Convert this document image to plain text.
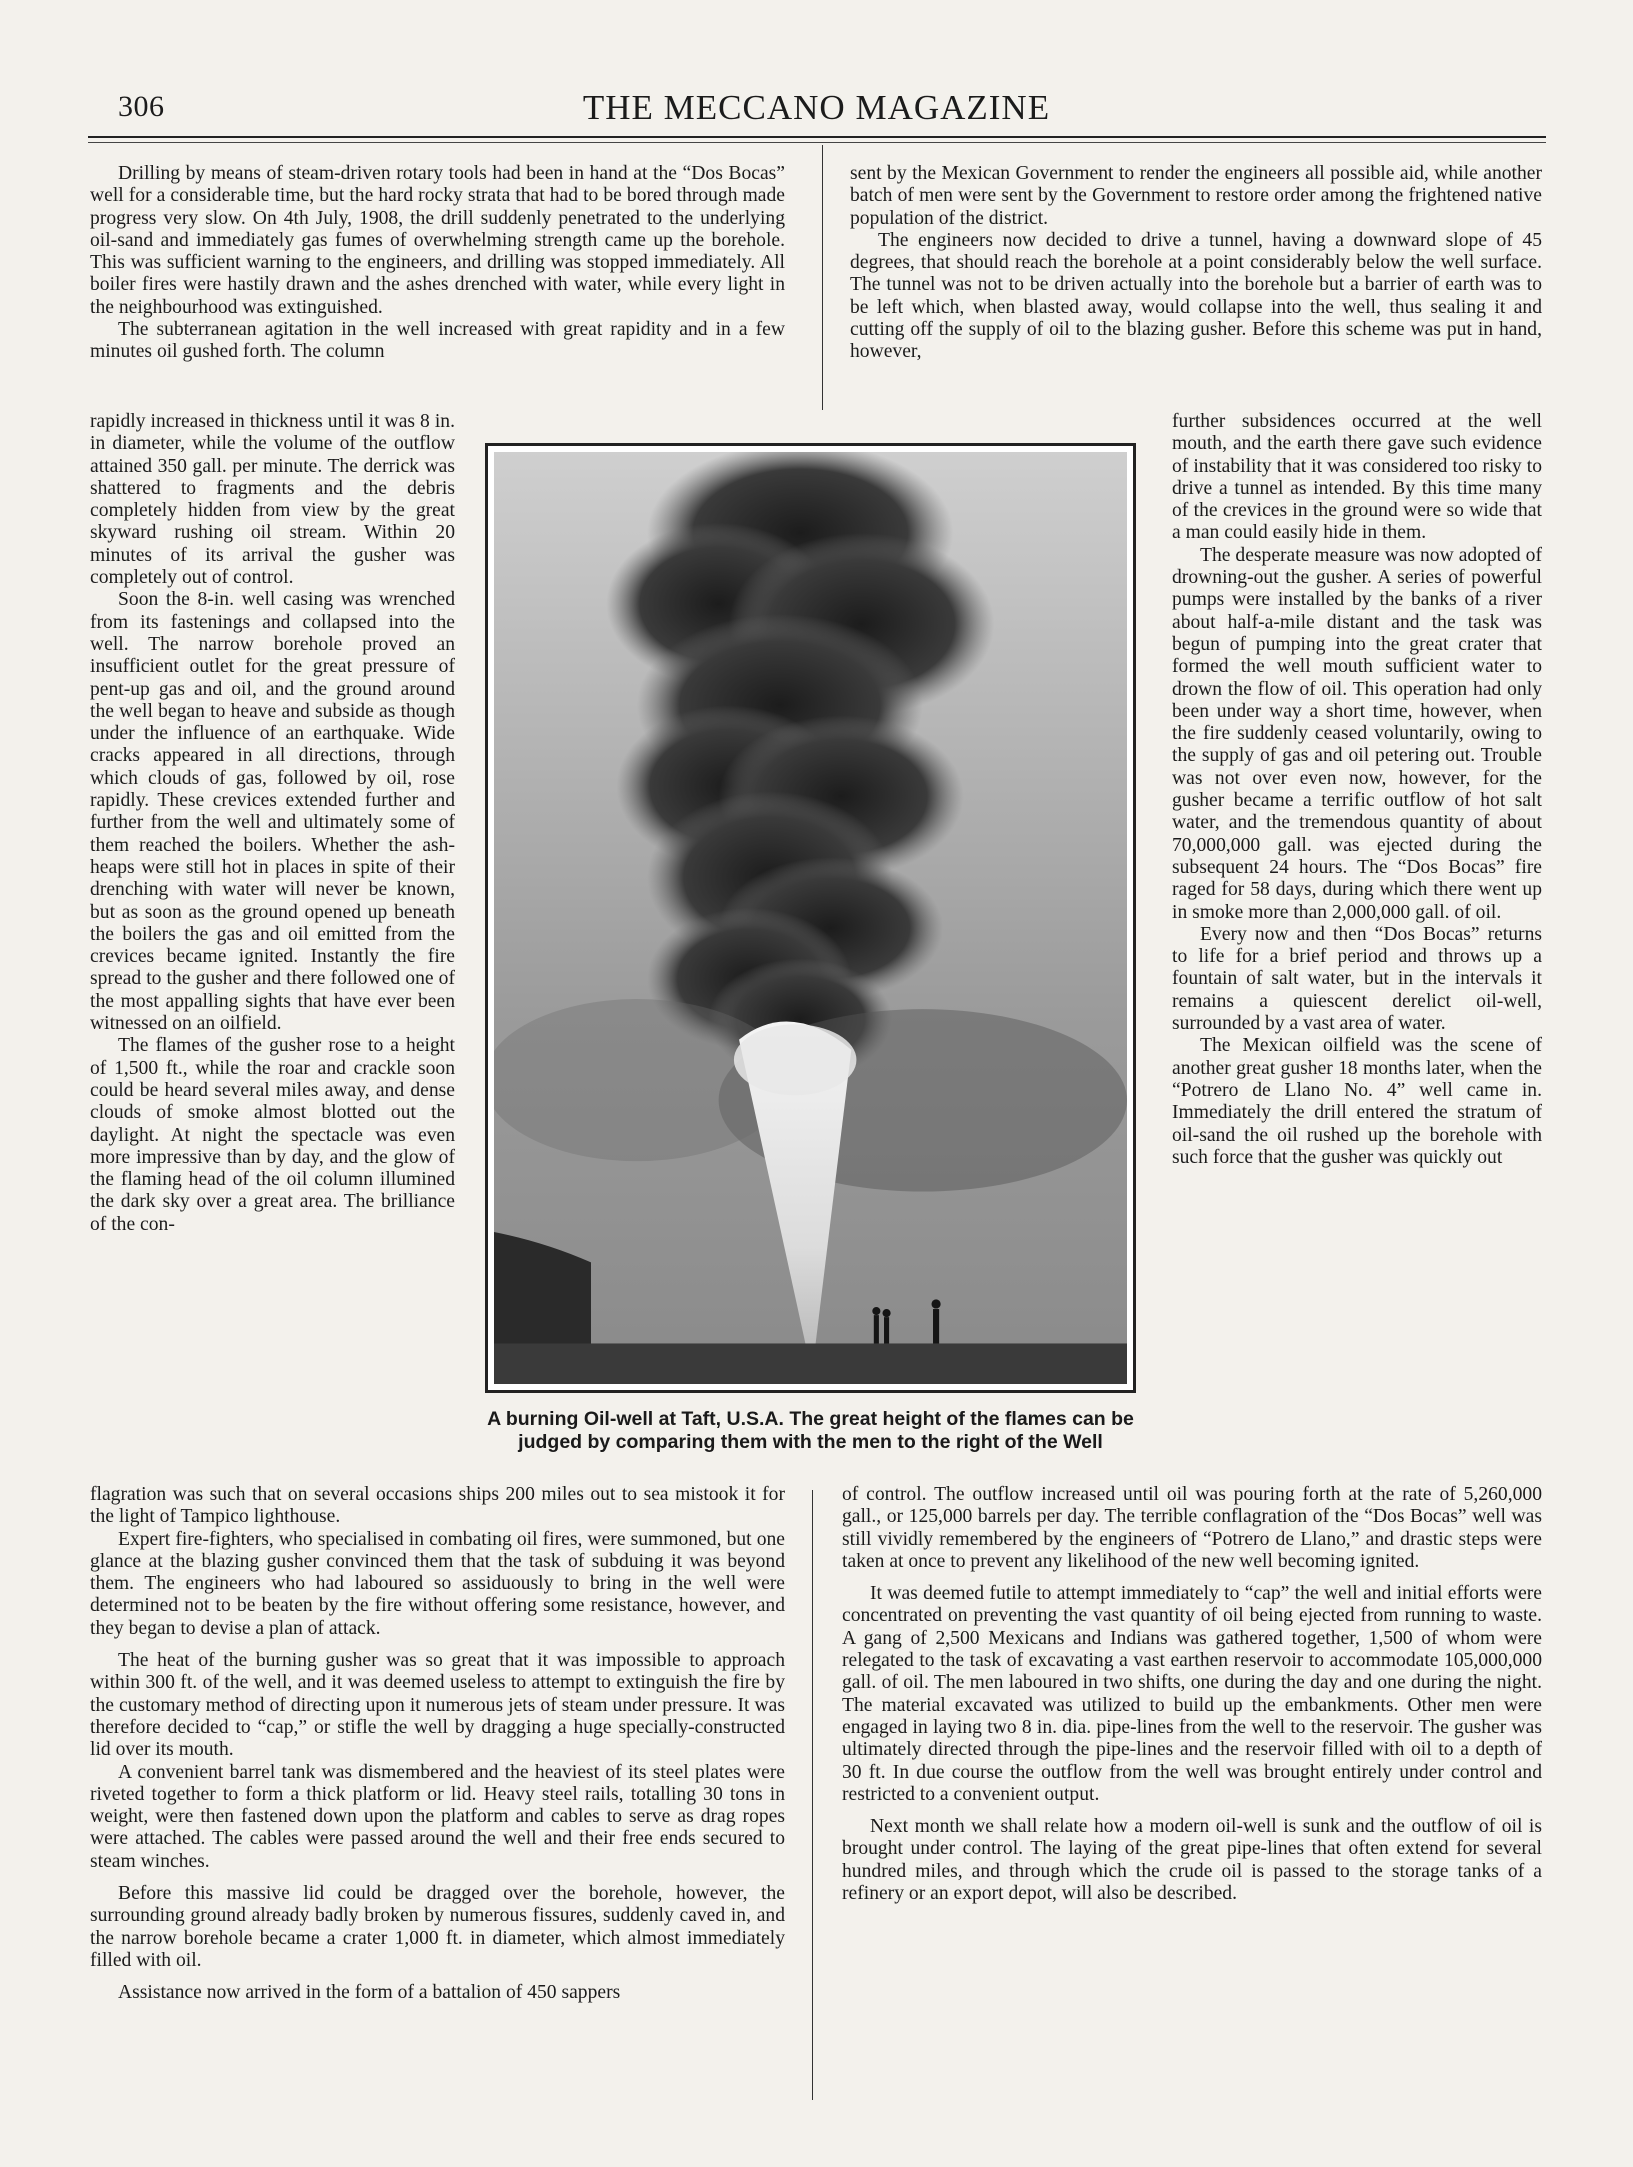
306	THE MECCANO MAGAZINE

Drilling by means of steam-driven rotary tools had been in hand at the “Dos Bocas” well for a considerable time, but the hard rocky strata that had to be bored through made progress very slow. On 4th July, 1908, the drill suddenly penetrated to the underlying oil-sand and immediately gas fumes of overwhelming strength came up the borehole. This was sufficient warning to the engineers, and drilling was stopped immediately. All boiler fires were hastily drawn and the ashes drenched with water, while every light in the neighbourhood was extinguished.

The subterranean agitation in the well increased with great rapidity and in a few minutes oil gushed forth. The column

rapidly increased in thickness until it was 8 in. in diameter, while the volume of the outflow attained 350 gall. per minute. The derrick was shattered to fragments and the debris completely hidden from view by the great skyward rushing oil stream. Within 20 minutes of its arrival the gusher was completely out of control.

Soon the 8-in. well casing was wrenched from its fastenings and collapsed into the well. The narrow borehole proved an insufficient outlet for the great pressure of pent-up gas and oil, and the ground around the well began to heave and subside as though under the influence of an earthquake. Wide cracks appeared in all directions, through which clouds of gas, followed by oil, rose rapidly. These crevices extended further and further from the well and ultimately some of them reached the boilers. Whether the ash-heaps were still hot in places in spite of their drenching with water will never be known, but as soon as the ground opened up beneath the boilers the gas and oil emitted from the crevices became ignited. Instantly the fire spread to the gusher and there followed one of the most appalling sights that have ever been witnessed on an oilfield.

The flames of the gusher rose to a height of 1,500 ft., while the roar and crackle soon could be heard several miles away, and dense clouds of smoke almost blotted out the daylight. At night the spectacle was even more impressive than by day, and the glow of the flaming head of the oil column illumined the dark sky over a great area. The brilliance of the con-

flagration was such that on several occasions ships 200 miles out to sea mistook it for the light of Tampico lighthouse.

Expert fire-fighters, who specialised in combating oil fires, were summoned, but one glance at the blazing gusher convinced them that the task of subduing it was beyond them. The engineers who had laboured so assiduously to bring in the well were determined not to be beaten by the fire without offering some resistance, however, and they began to devise a plan of attack.

The heat of the burning gusher was so great that it was impossible to approach within 300 ft. of the well, and it was deemed useless to attempt to extinguish the fire by the customary method of directing upon it numerous jets of steam under pressure. It was therefore decided to “cap,” or stifle the well by dragging a huge specially-constructed lid over its mouth.

A convenient barrel tank was dismembered and the heaviest of its steel plates were riveted together to form a thick platform or lid. Heavy steel rails, totalling 30 tons in weight, were then fastened down upon the platform and cables to serve as drag ropes were attached. The cables were passed around the well and their free ends secured to steam winches.

Before this massive lid could be dragged over the borehole, however, the surrounding ground already badly broken by numerous fissures, suddenly caved in, and the narrow borehole became a crater 1,000 ft. in diameter, which almost immediately filled with oil.

Assistance now arrived in the form of a battalion of 450 sappers

sent by the Mexican Government to render the engineers all possible aid, while another batch of men were sent by the Government to restore order among the frightened native population of the district.

The engineers now decided to drive a tunnel, having a downward slope of 45 degrees, that should reach the borehole at a point considerably below the well surface. The tunnel was not to be driven actually into the borehole but a barrier of earth was to be left which, when blasted away, would collapse into the well, thus sealing it and cutting off the supply of oil to the blazing gusher. Before this scheme was put in hand, however,

further subsidences occurred at the well mouth, and the earth there gave such evidence of instability that it was considered too risky to drive a tunnel as intended. By this time many of the crevices in the ground were so wide that a man could easily hide in them.

The desperate measure was now adopted of drowning-out the gusher. A series of powerful pumps were installed by the banks of a river about half-a-mile distant and the task was begun of pumping into the great crater that formed the well mouth sufficient water to drown the flow of oil. This operation had only been under way a short time, however, when the fire suddenly ceased voluntarily, owing to the supply of gas and oil petering out. Trouble was not over even now, however, for the gusher became a terrific outflow of hot salt water, and the tremendous quantity of about 70,000,000 gall. was ejected during the subsequent 24 hours. The “Dos Bocas” fire raged for 58 days, during which there went up in smoke more than 2,000,000 gall. of oil.

Every now and then “Dos Bocas” returns to life for a brief period and throws up a fountain of salt water, but in the intervals it remains a quiescent derelict oil-well, surrounded by a vast area of water.

The Mexican oilfield was the scene of another great gusher 18 months later, when the “Potrero de Llano No. 4” well came in. Immediately the drill entered the stratum of oil-sand the oil rushed up the borehole with such force that the gusher was quickly out

of control. The outflow increased until oil was pouring forth at the rate of 5,260,000 gall., or 125,000 barrels per day. The terrible conflagration of the “Dos Bocas” well was still vividly remembered by the engineers of “Potrero de Llano,” and drastic steps were taken at once to prevent any likelihood of the new well becoming ignited.

It was deemed futile to attempt immediately to “cap” the well and initial efforts were concentrated on preventing the vast quantity of oil being ejected from running to waste. A gang of 2,500 Mexicans and Indians was gathered together, 1,500 of whom were relegated to the task of excavating a vast earthen reservoir to accommodate 105,000,000 gall. of oil. The men laboured in two shifts, one during the day and one during the night. The material excavated was utilized to build up the embankments. Other men were engaged in laying two 8 in. dia. pipe-lines from the well to the reservoir. The gusher was ultimately directed through the pipe-lines and the reservoir filled with oil to a depth of 30 ft. In due course the outflow from the well was brought entirely under control and restricted to a convenient output.

Next month we shall relate how a modern oil-well is sunk and the outflow of oil is brought under control. The laying of the great pipe-lines that often extend for several hundred miles, and through which the crude oil is passed to the storage tanks of a refinery or an export depot, will also be described.

A burning Oil-well at Taft, U.S.A. The great height of the flames can be judged by comparing them with the men to the right of the Well
